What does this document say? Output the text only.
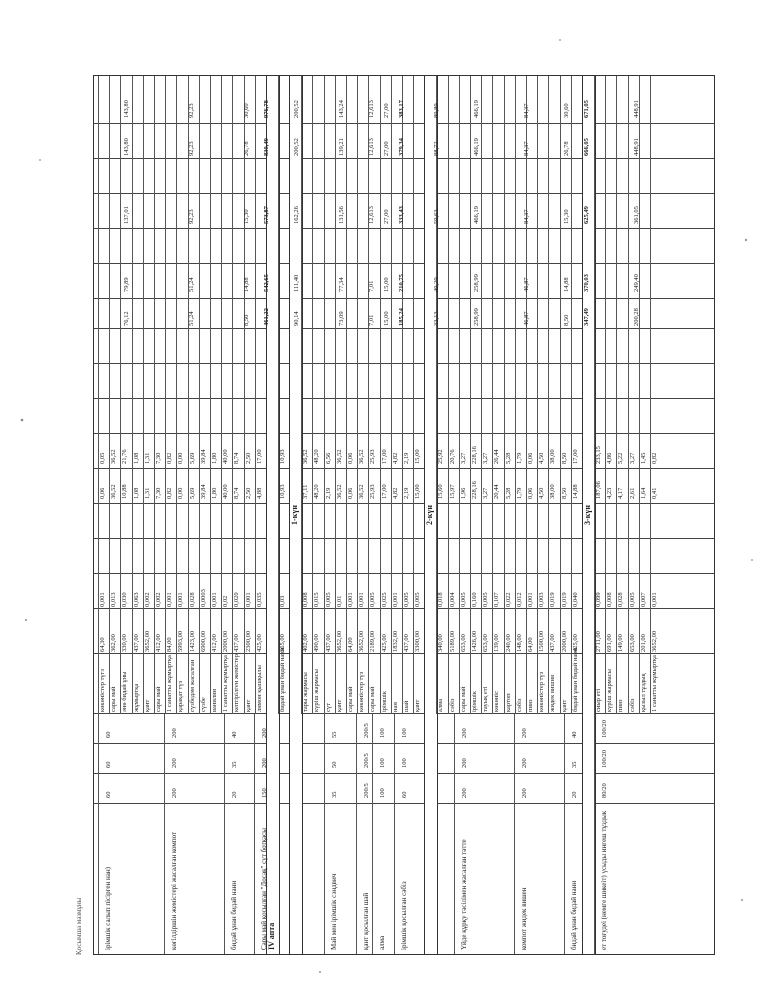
Қосымша мазмұны
көкөністер түгз
64,30
0,001
0,06
0,05
сары май
362,00
0,013
36,52
36,52
әнө бидай ұны
330,00
0,030
10,88
21,76
жұмыртқа
437,00
0,063
1,08
1,08
қант
3652,00
0,002
1,31
1,31
сары май
412,00
0,002
7,30
7,30
1 санатты жұмыртқа
84,00
0,001
0,82
0,82
қарақат түз
5993,00
0,001
0,00
0,00
сүзбедәм жасалған
1423,00
0,028
5,69
5,69
сүзбе
6900,00
0,0003
39,84
39,84
ванилин
412,00
0,001
1,80
1,80
1 санатты жұмыртқа
2000,00
0,02
40,00
40,00
кептірілген жемістер
437,00
0,020
8,74
8,74
қант
2300,00
0,001
2,50
2,50
лимон қышқылы
425,00
0,035
4,88
17,00
IV апта
бидай ұнан бидай нанн
365,00
0,03
10,93
10,93
1-күн
тары жармасы
402,00
0,008
37,11
36,52
күріш жармасы
490,00
0,015
48,20
48,20
сүт
437,00
0,005
2,19
6,56
қант
3652,00
0,01
36,52
36,52
сары май
64,00
0,001
0,06
0,06
көкөністер түз
3652,00
0,001
36,52
36,52
сары май
2189,00
0,005
25,93
25,93
ірімшік
425,00
0,025
17,00
17,00
нан
1832,00
0,001
4,82
4,82
шай
437,00
0,005
2,19
2,19
қант
3300,00
0,005
15,00
15,00
2-күн
алма
340,00
0,018
15,60
25,92
сәбіз
5189,00
0,004
15,97
20,76
сары май
653,00
0,005
1,96
3,27
ірімшік
1426,00
0,160
228,16
228,16
тауық еті
653,00
0,005
3,27
3,27
көкөніс
139,00
0,107
20,44
26,44
картоп
240,00
0,022
5,28
5,28
сәбіз
148,00
0,012
1,79
1,79
пияз
64,00
0,001
0,06
0,06
көкөністер түз
1500,00
0,003
4,50
4,50
жидек вишня
437,00
0,019
38,00
38,00
қант
2000,00
0,019
8,50
8,50
бидай ұнан бидай нанн
425,00
0,040
14,88
17,00
3-күн
сиыр еті
2711,00
0,099
187,06
233,15
күріш жармасы
691,00
0,008
4,23
4,86
пияз
149,00
0,028
4,17
5,22
сәбіз
653,00
0,005
2,61
3,27
қызыл тұздық
201,00
0,007
1,64
1,45
1 санатты жұмыртқа
3652,00
0,001
0,41
0,82
ірімшік салып пісірген нан)
60
60
60
көгілдіршін жемістері жасалған компот
200
200
200
бидай ұнан бидай нанн
20
35
40
Сары май қосылған "Досақ" сүт ботқасы
150
200
200
Май мен ірімшік сэндвич
35
50
55
қант қосылған шай
200/5
200/5
200/5
алма
100
100
100
ірімшік қосылған сәбіз
60
100
100
Үйде құрқу тәсілімен жасалған тәтте
200
200
200
компот жидек вишен
200
200
200
бидай ұнан бидай нанн
20
35
40
ет тоғудеі (немге шикеіт) үсыды ингеш тұздык
80/20
100/20
100/20
76,12
79,89
137,01
143,80
143,80
51,24
51,24
92,23
92,23
92,23
8,50
14,88
15,30
26,78
30,60
461,22
542,65
573,87
830,49
976,78
90,14
111,40
162,26
200,52
200,52
73,09
77,34
131,56
139,21
143,24
7,01
7,01
12,613
12,613
12,613
15,00
15,00
27,00
27,00
27,00
185,24
210,75
333,43
379,34
383,17
33,13
49,29
59,63
88,72
89,89
258,99
258,99
466,19
466,19
466,19
46,87
46,87
84,37
84,37
84,37
8,50
14,88
15,30
26,78
30,60
347,49
370,03
625,49
666,05
671,05
200,28
249,40
361,05
448,91
448,91
